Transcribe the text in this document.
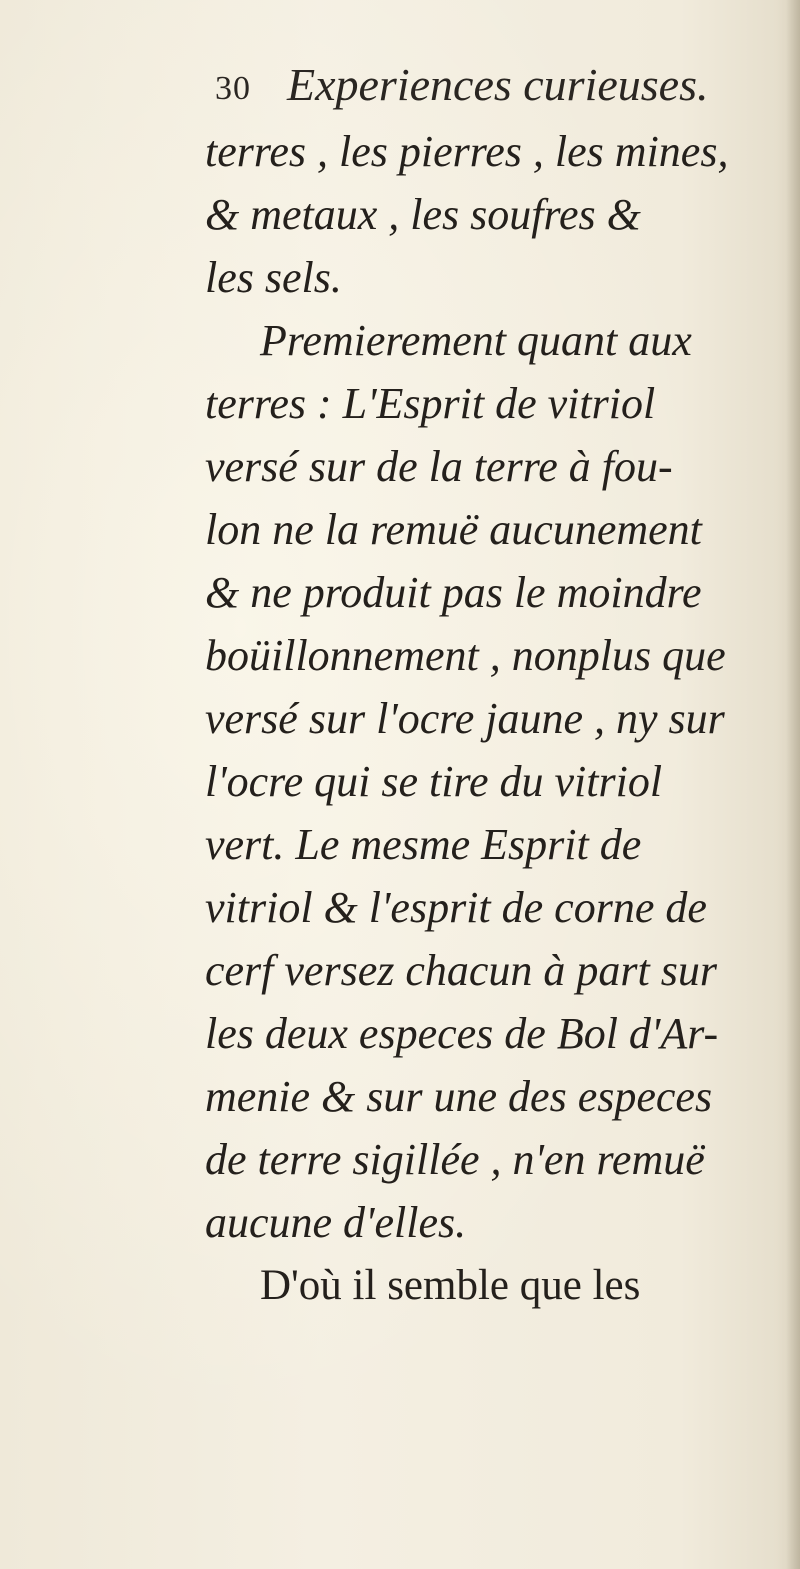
30 Experiences curieuses.
terres , les pierres , les mines,
& metaux , les soufres &
les sels.
Premierement quant aux
terres : L'Esprit de vitriol
versé sur de la terre à fou-
lon ne la remuë aucunement
& ne produit pas le moindre
boüillonnement , nonplus que
versé sur l'ocre jaune , ny sur
l'ocre qui se tire du vitriol
vert. Le mesme Esprit de
vitriol & l'esprit de corne de
cerf versez chacun à part sur
les deux especes de Bol d'Ar-
menie & sur une des especes
de terre sigillée , n'en remuë
aucune d'elles.
D'où il semble que les
